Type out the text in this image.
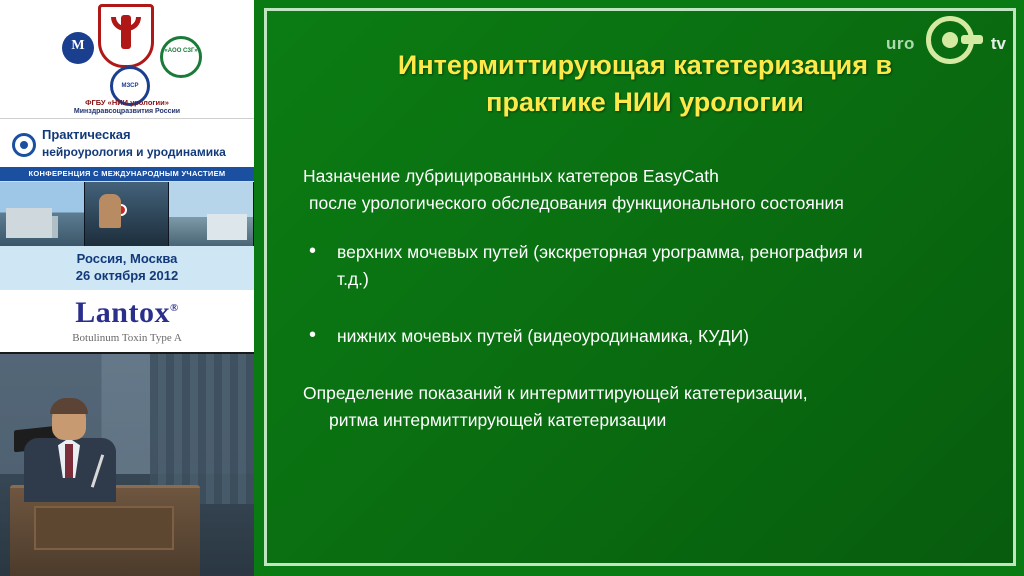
M
«АОО СЗГ»
МЗСР
ФГБУ «НИИ урологии»
Минздравсоцразвития России
Практическая
нейроурология и уродинамика
КОНФЕРЕНЦИЯ С МЕЖДУНАРОДНЫМ УЧАСТИЕМ
Россия, Москва
26 октября 2012
Lantox®
Botulinum Toxin Type A
Интермиттирующая катетеризация в
практике НИИ урологии

Назначение лубрицированных катетеров EasyCath
после урологического обследования функционального состояния

• верхних мочевых путей (экскреторная урограмма, ренография и
т.д.)
• нижних мочевых путей (видеоуродинамика, КУДИ)

Определение показаний к интермиттирующей катетеризации,
ритма интермиттирующей катетеризации

uro	tv
